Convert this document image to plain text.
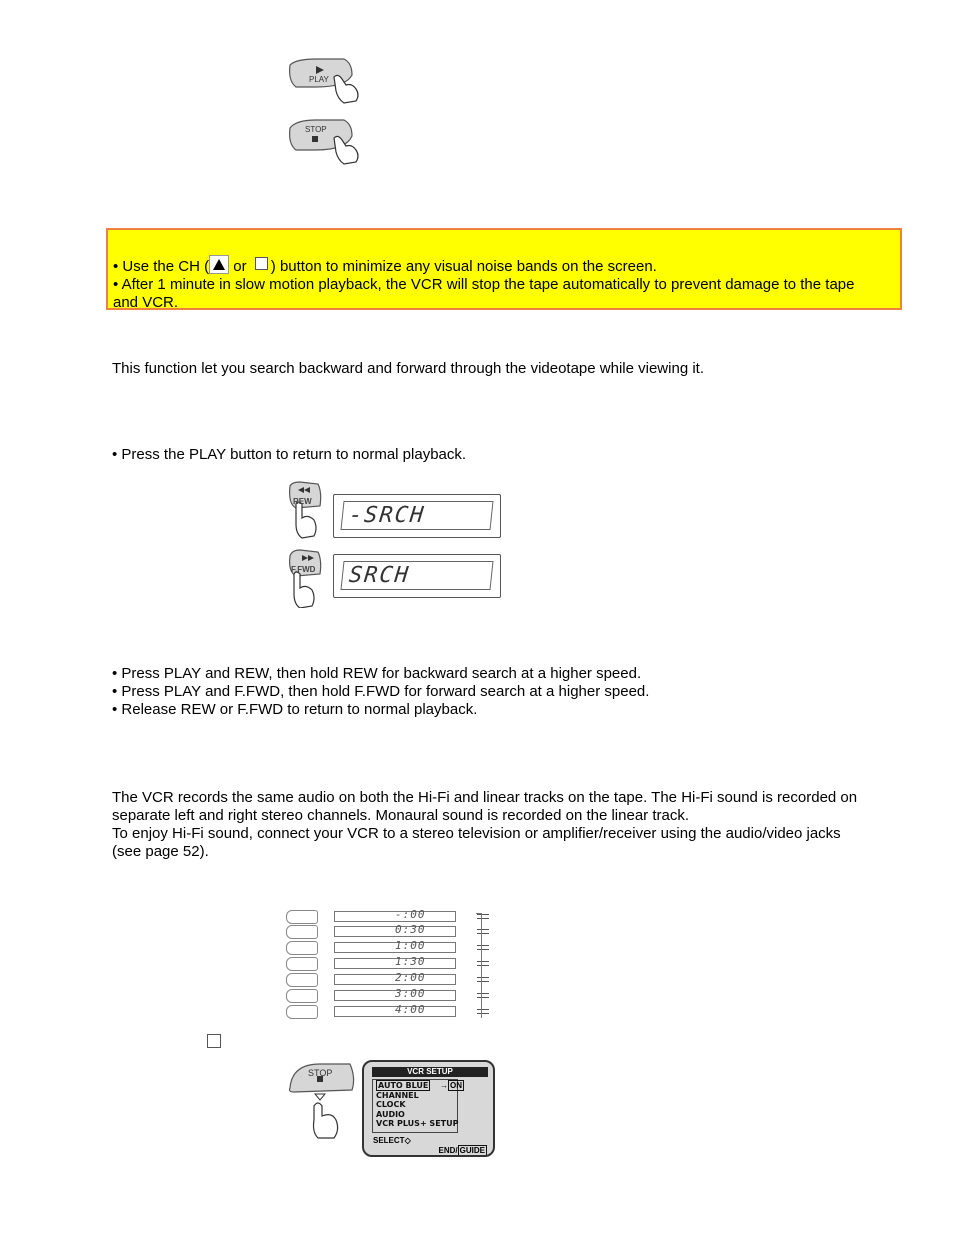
PLAY
STOP
• Use the CH ( or ) button to minimize any visual noise bands on the screen.
• After 1 minute in slow motion playback, the VCR will stop the tape automatically to prevent damage to the tape
and VCR.
This function let you search backward and forward through the videotape while viewing it.
• Press the PLAY button to return to normal playback.
REW
-SRCH
F.FWD	SRCH
• Press PLAY and REW, then hold REW for backward search at a higher speed.
• Press PLAY and F.FWD, then hold F.FWD for forward search at a higher speed.
• Release REW or F.FWD to return to normal playback.
The VCR records the same audio on both the Hi-Fi and linear tracks on the tape. The Hi-Fi sound is recorded on
separate left and right stereo channels. Monaural sound is recorded on the linear track.
To enjoy Hi-Fi sound, connect your VCR to a stereo television or amplifier/receiver using the audio/video jacks
(see page 52).
-:00
0:30
1:00
1:30
2:00
3:00
4:00
STOP	VCR SETUP
AUTO BLUE
CHANNEL
CLOCK
AUDIO
VCR PLUS+ SETUP
→ ON
SELECT◇
END/ GUIDE
